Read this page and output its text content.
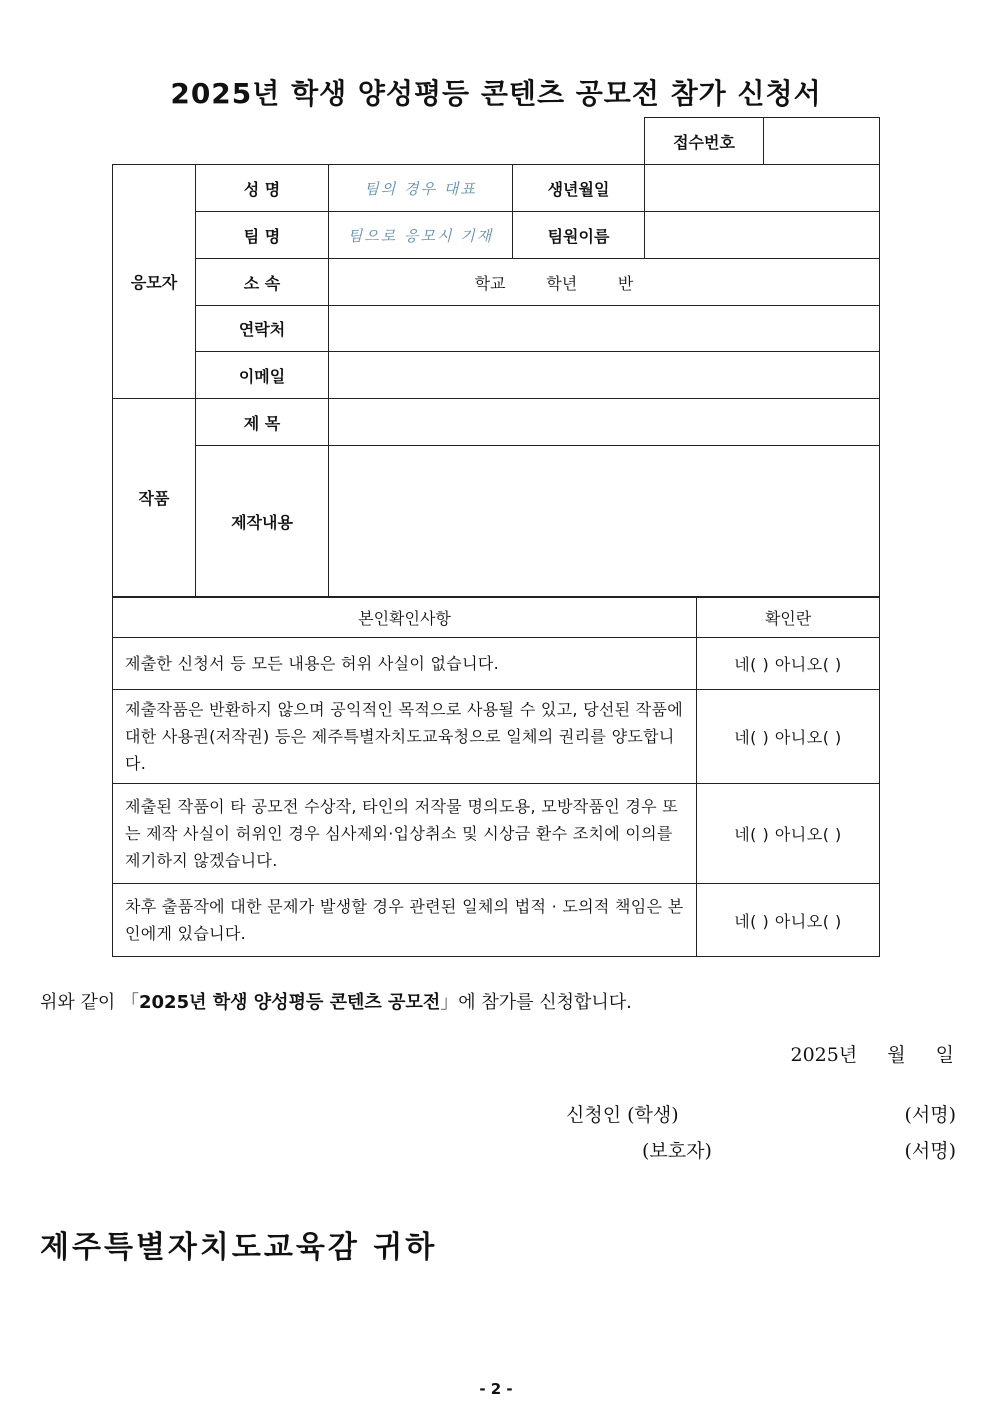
2025년 학생 양성평등 콘텐츠 공모전 참가 신청서
접수번호	
응모자	성 명	팀의 경우 대표	생년월일	
	팀 명	팀으로 응모시 기재	팀원이름	
	소 속	학교        학년        반		
	연락처			
	이메일			
작품	제 목			
	제작내용			
본인확인사항	확인란
제출한 신청서 등 모든 내용은 허위 사실이 없습니다.	네( ) 아니오( )
제출작품은 반환하지 않으며 공익적인 목적으로 사용될 수 있고, 당선된 작품에 대한 사용권(저작권) 등은 제주특별자치도교육청으로 일체의 권리를 양도합니다.	네( ) 아니오( )
제출된 작품이 타 공모전 수상작, 타인의 저작물 명의도용, 모방작품인 경우 또는 제작 사실이 허위인 경우 심사제외·입상취소 및 시상금 환수 조치에 이의를 제기하지 않겠습니다.	네( ) 아니오( )
차후 출품작에 대한 문제가 발생할 경우 관련된 일체의 법적 · 도의적 책임은 본인에게 있습니다.	네( ) 아니오( )
위와 같이 「2025년 학생 양성평등 콘텐츠 공모전」에 참가를 신청합니다.
2025년 월 일
신청인 (학생)	(서명)
(보호자)	(서명)
제주특별자치도교육감 귀하
- 2 -
